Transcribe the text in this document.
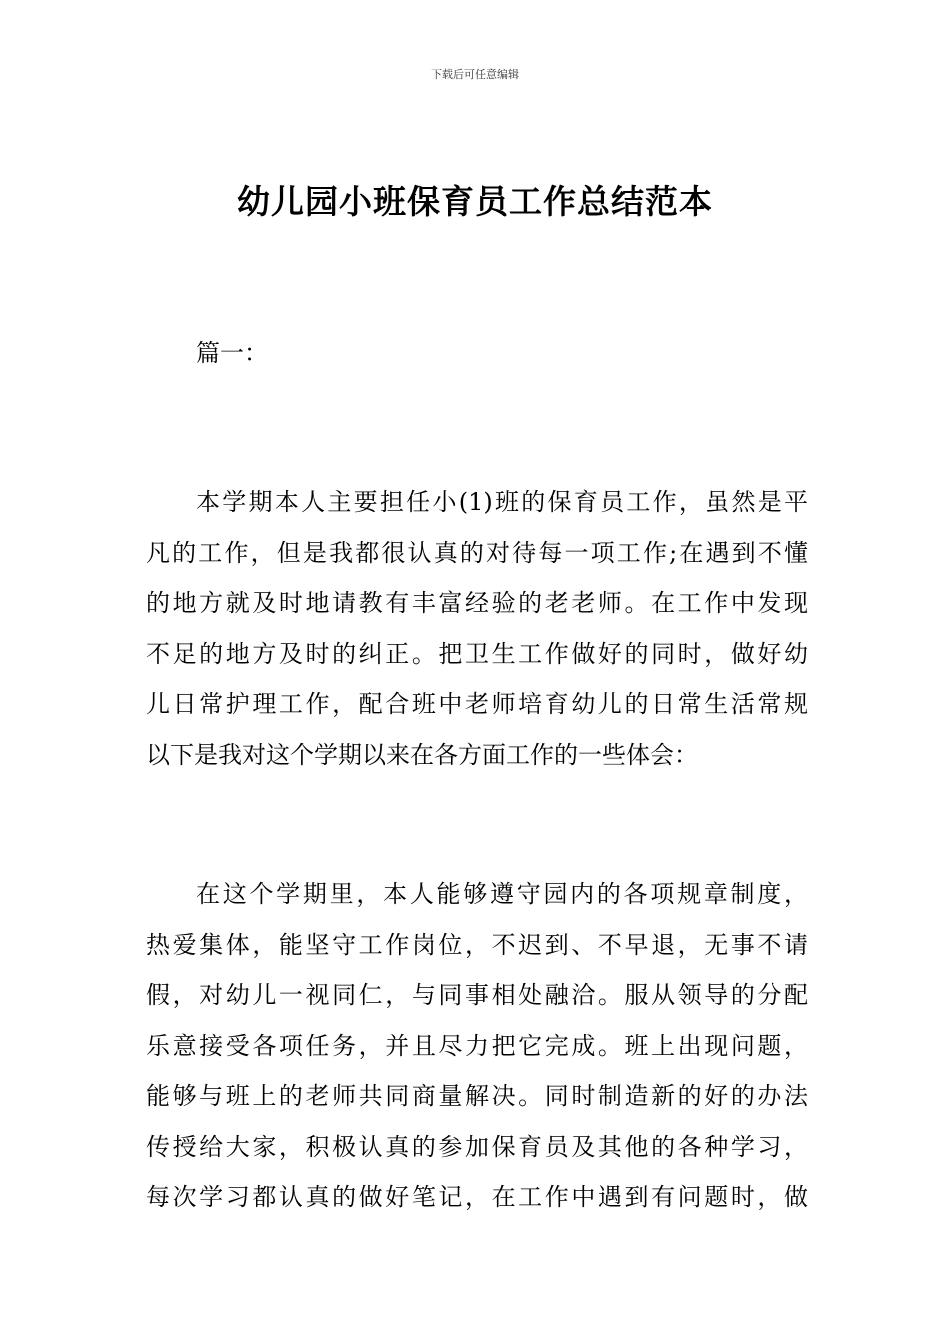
下载后可任意编辑
幼儿园小班保育员工作总结范本
篇一：
本学期本人主要担任小(1)班的保育员工作，虽然是平
凡的工作，但是我都很认真的对待每一项工作;在遇到不懂
的地方就及时地请教有丰富经验的老老师。在工作中发现
不足的地方及时的纠正。把卫生工作做好的同时，做好幼
儿日常护理工作，配合班中老师培育幼儿的日常生活常规
以下是我对这个学期以来在各方面工作的一些体会：
在这个学期里，本人能够遵守园内的各项规章制度，
热爱集体，能坚守工作岗位，不迟到、不早退，无事不请
假，对幼儿一视同仁，与同事相处融洽。服从领导的分配
乐意接受各项任务，并且尽力把它完成。班上出现问题，
能够与班上的老师共同商量解决。同时制造新的好的办法
传授给大家，积极认真的参加保育员及其他的各种学习，
每次学习都认真的做好笔记，在工作中遇到有问题时，做
